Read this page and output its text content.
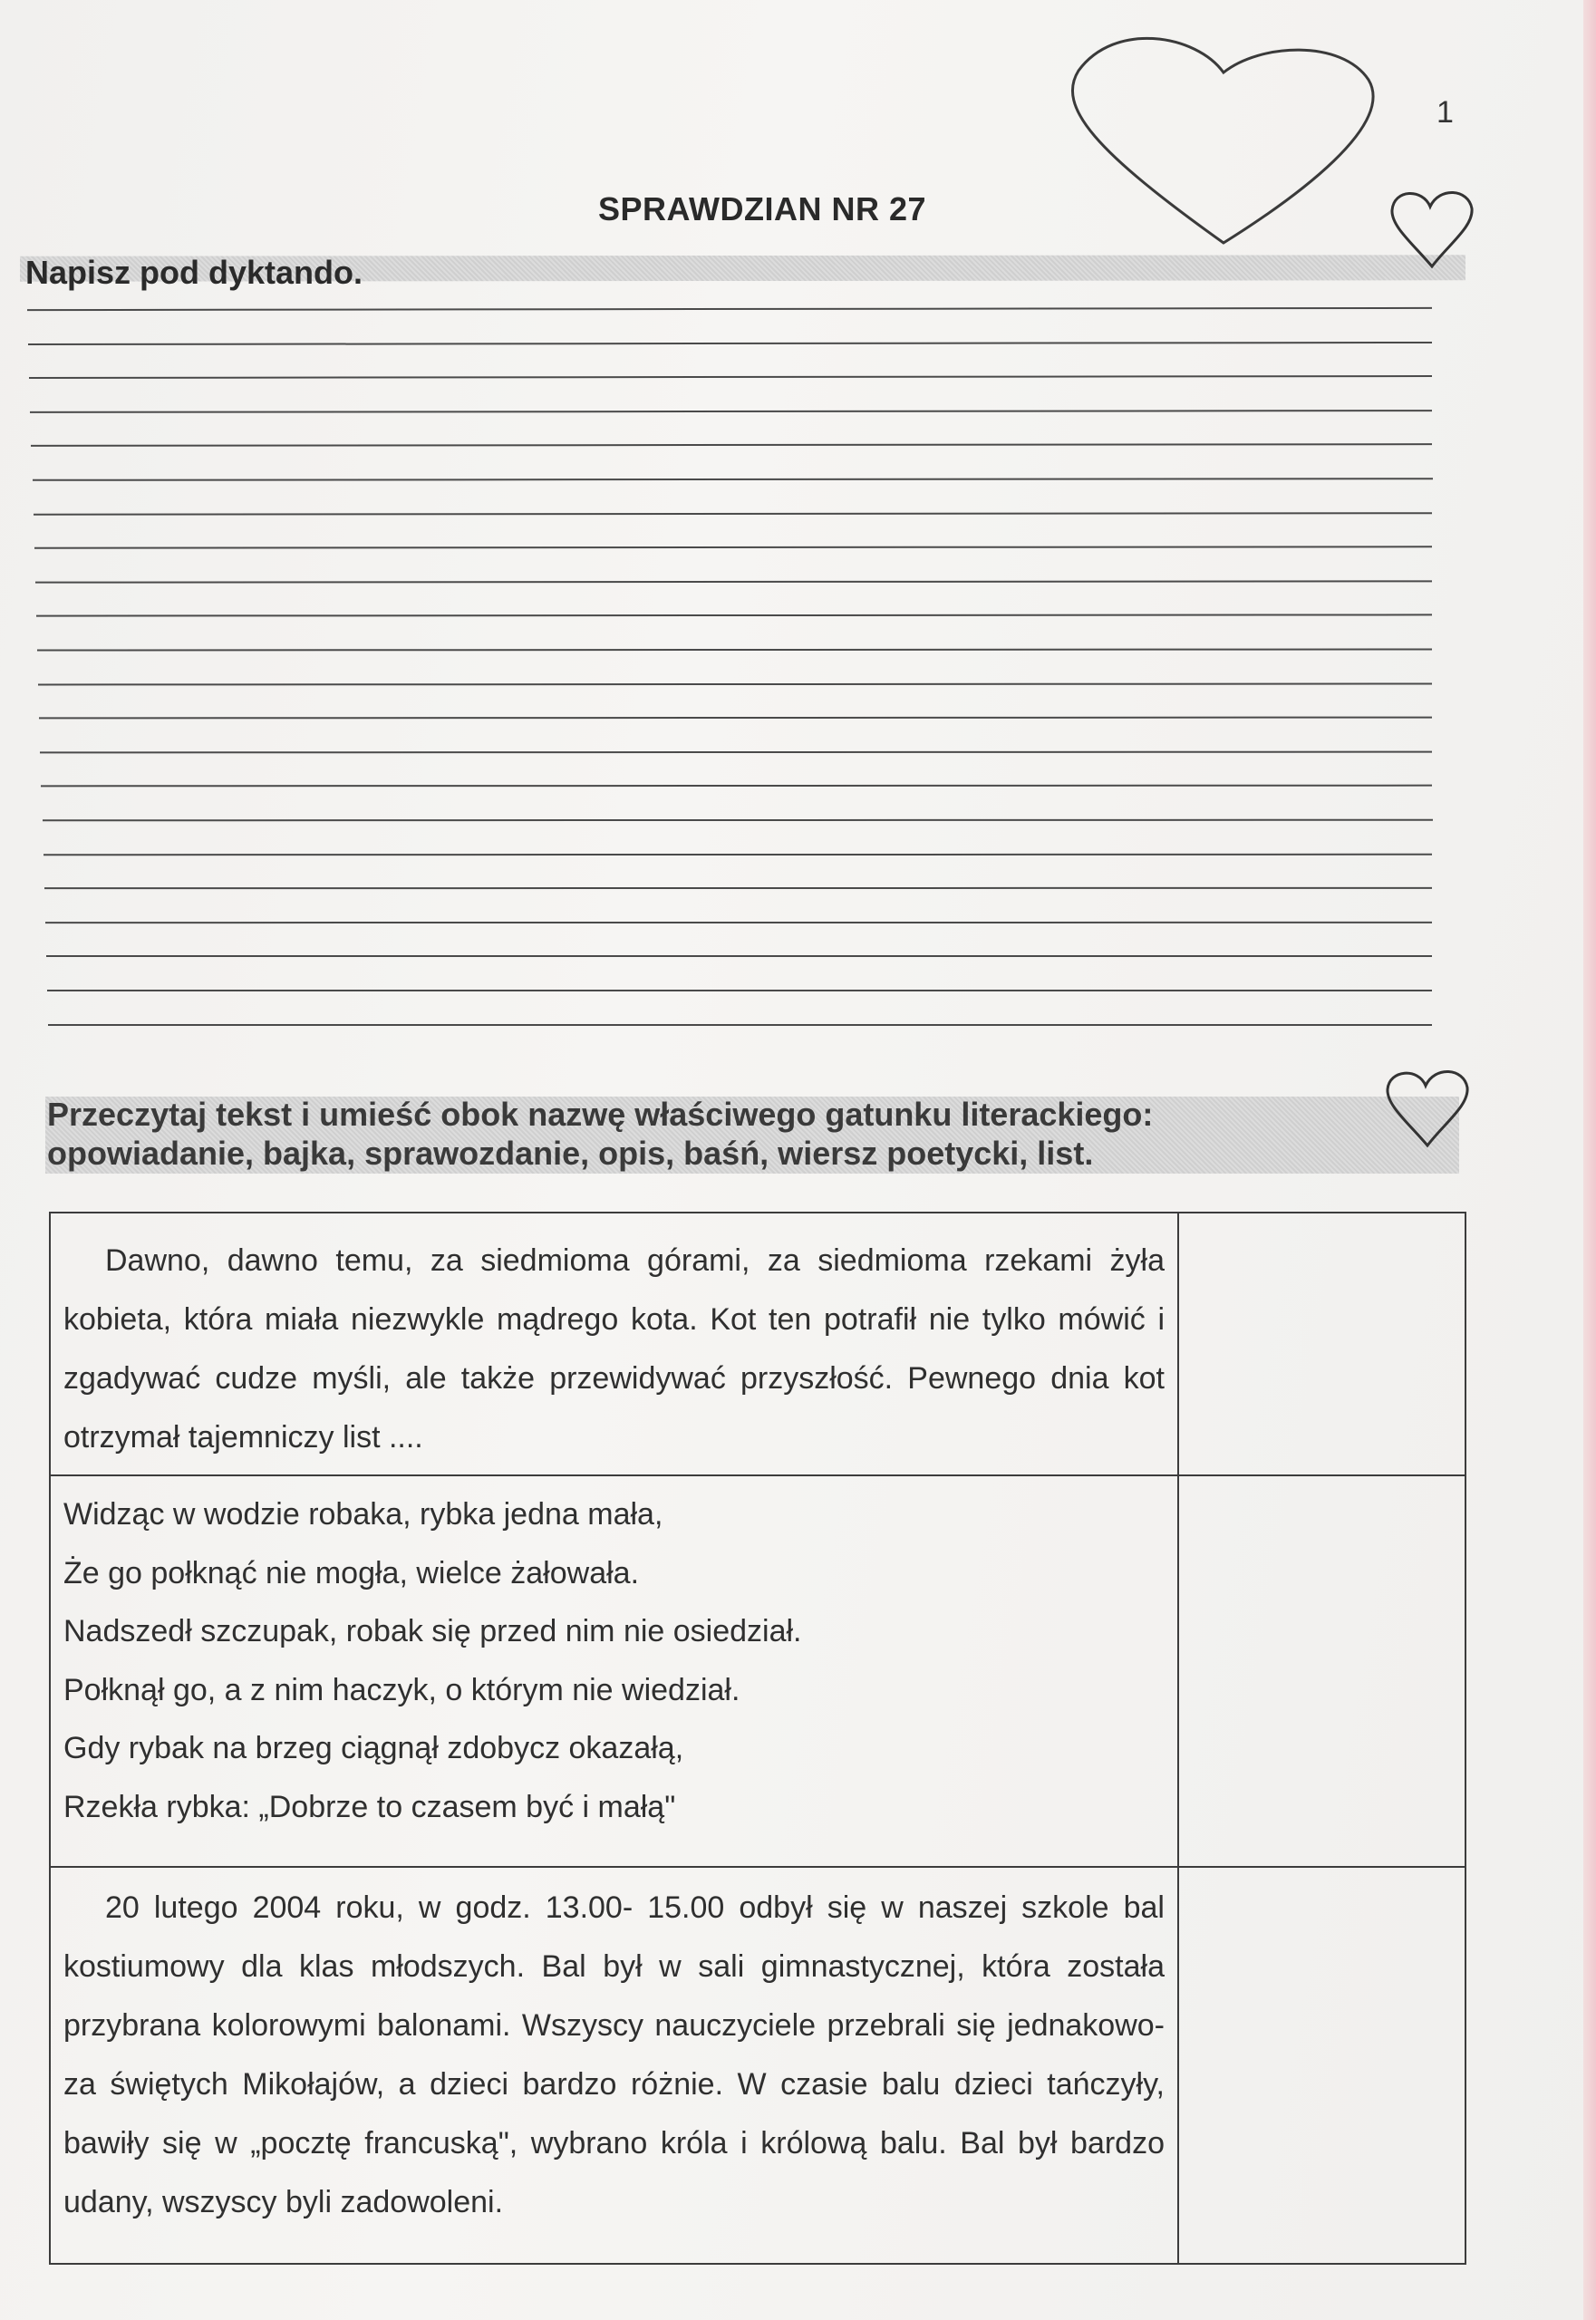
1
SPRAWDZIAN NR 27
Napisz pod dyktando.
Przeczytaj tekst i umieść obok nazwę właściwego gatunku literackiego:
opowiadanie, bajka, sprawozdanie, opis, baśń, wiersz poetycki, list.
Dawno, dawno temu, za siedmioma górami, za siedmioma rzekami żyła kobieta, która miała niezwykle mądrego kota. Kot ten potrafił nie tylko mówić i zgadywać cudze myśli, ale także przewidywać przyszłość. Pewnego dnia kot otrzymał tajemniczy list ....
Widząc w wodzie robaka, rybka jedna mała,
Że go połknąć nie mogła, wielce żałowała.
Nadszedł szczupak, robak się przed nim nie osiedział.
Połknął go, a z nim haczyk, o którym nie wiedział.
Gdy rybak na brzeg ciągnął zdobycz okazałą,
Rzekła rybka: „Dobrze to czasem być i małą"
20 lutego 2004 roku, w godz. 13.00- 15.00 odbył się w naszej szkole bal kostiumowy dla klas młodszych. Bal był w sali gimnastycznej, która została przybrana kolorowymi balonami. Wszyscy nauczyciele przebrali się jednakowo- za świętych Mikołajów, a dzieci bardzo różnie. W czasie balu dzieci tańczyły, bawiły się w „pocztę francuską", wybrano króla i królową balu. Bal był bardzo udany, wszyscy byli zadowoleni.
